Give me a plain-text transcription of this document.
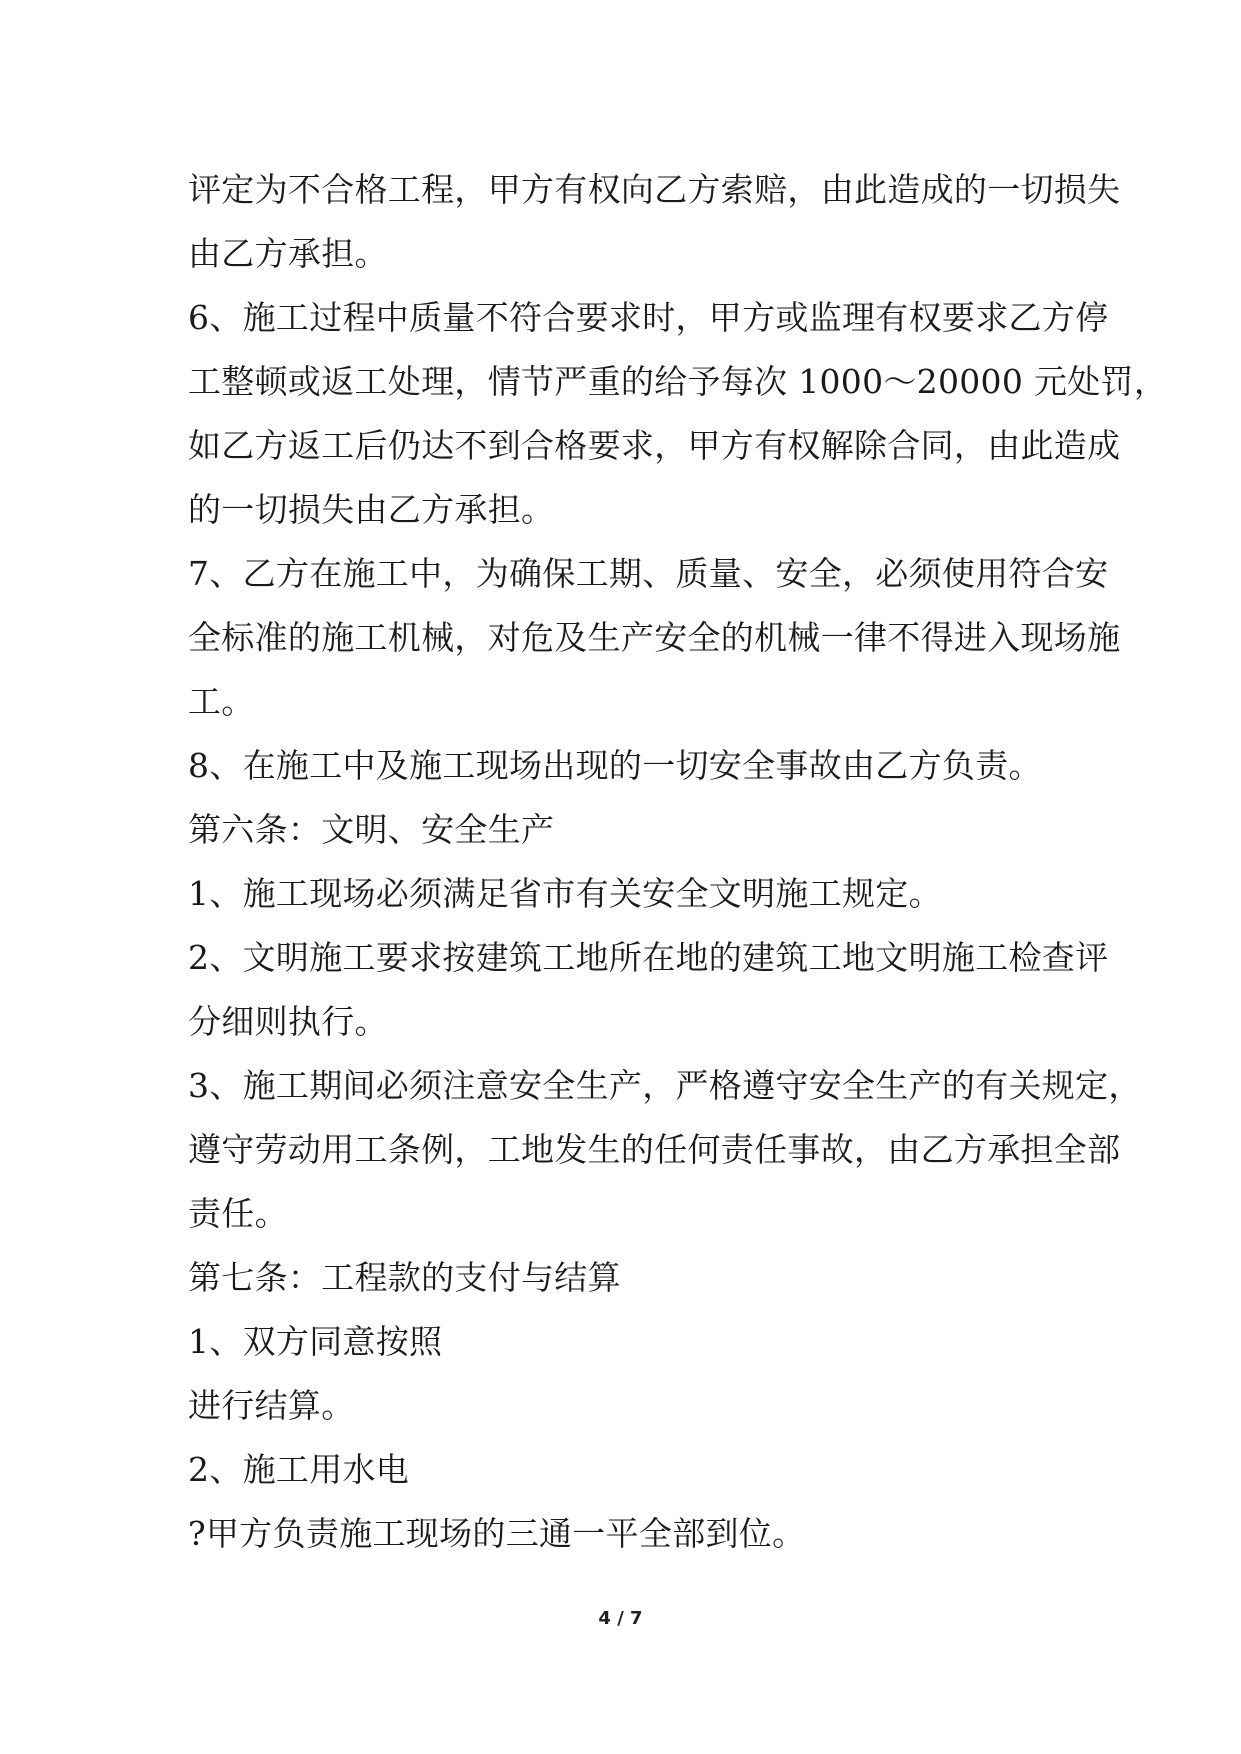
评定为不合格工程，甲方有权向乙方索赔，由此造成的一切损失
由乙方承担。
6、施工过程中质量不符合要求时，甲方或监理有权要求乙方停
工整顿或返工处理，情节严重的给予每次 1000～20000 元处罚，
如乙方返工后仍达不到合格要求，甲方有权解除合同，由此造成
的一切损失由乙方承担。
7、乙方在施工中，为确保工期、质量、安全，必须使用符合安
全标准的施工机械，对危及生产安全的机械一律不得进入现场施
工。
8、在施工中及施工现场出现的一切安全事故由乙方负责。
第六条：文明、安全生产
1、施工现场必须满足省市有关安全文明施工规定。
2、文明施工要求按建筑工地所在地的建筑工地文明施工检查评
分细则执行。
3、施工期间必须注意安全生产，严格遵守安全生产的有关规定，
遵守劳动用工条例，工地发生的任何责任事故，由乙方承担全部
责任。
第七条：工程款的支付与结算
1、双方同意按照
进行结算。
2、施工用水电
?甲方负责施工现场的三通一平全部到位。
4 / 7
